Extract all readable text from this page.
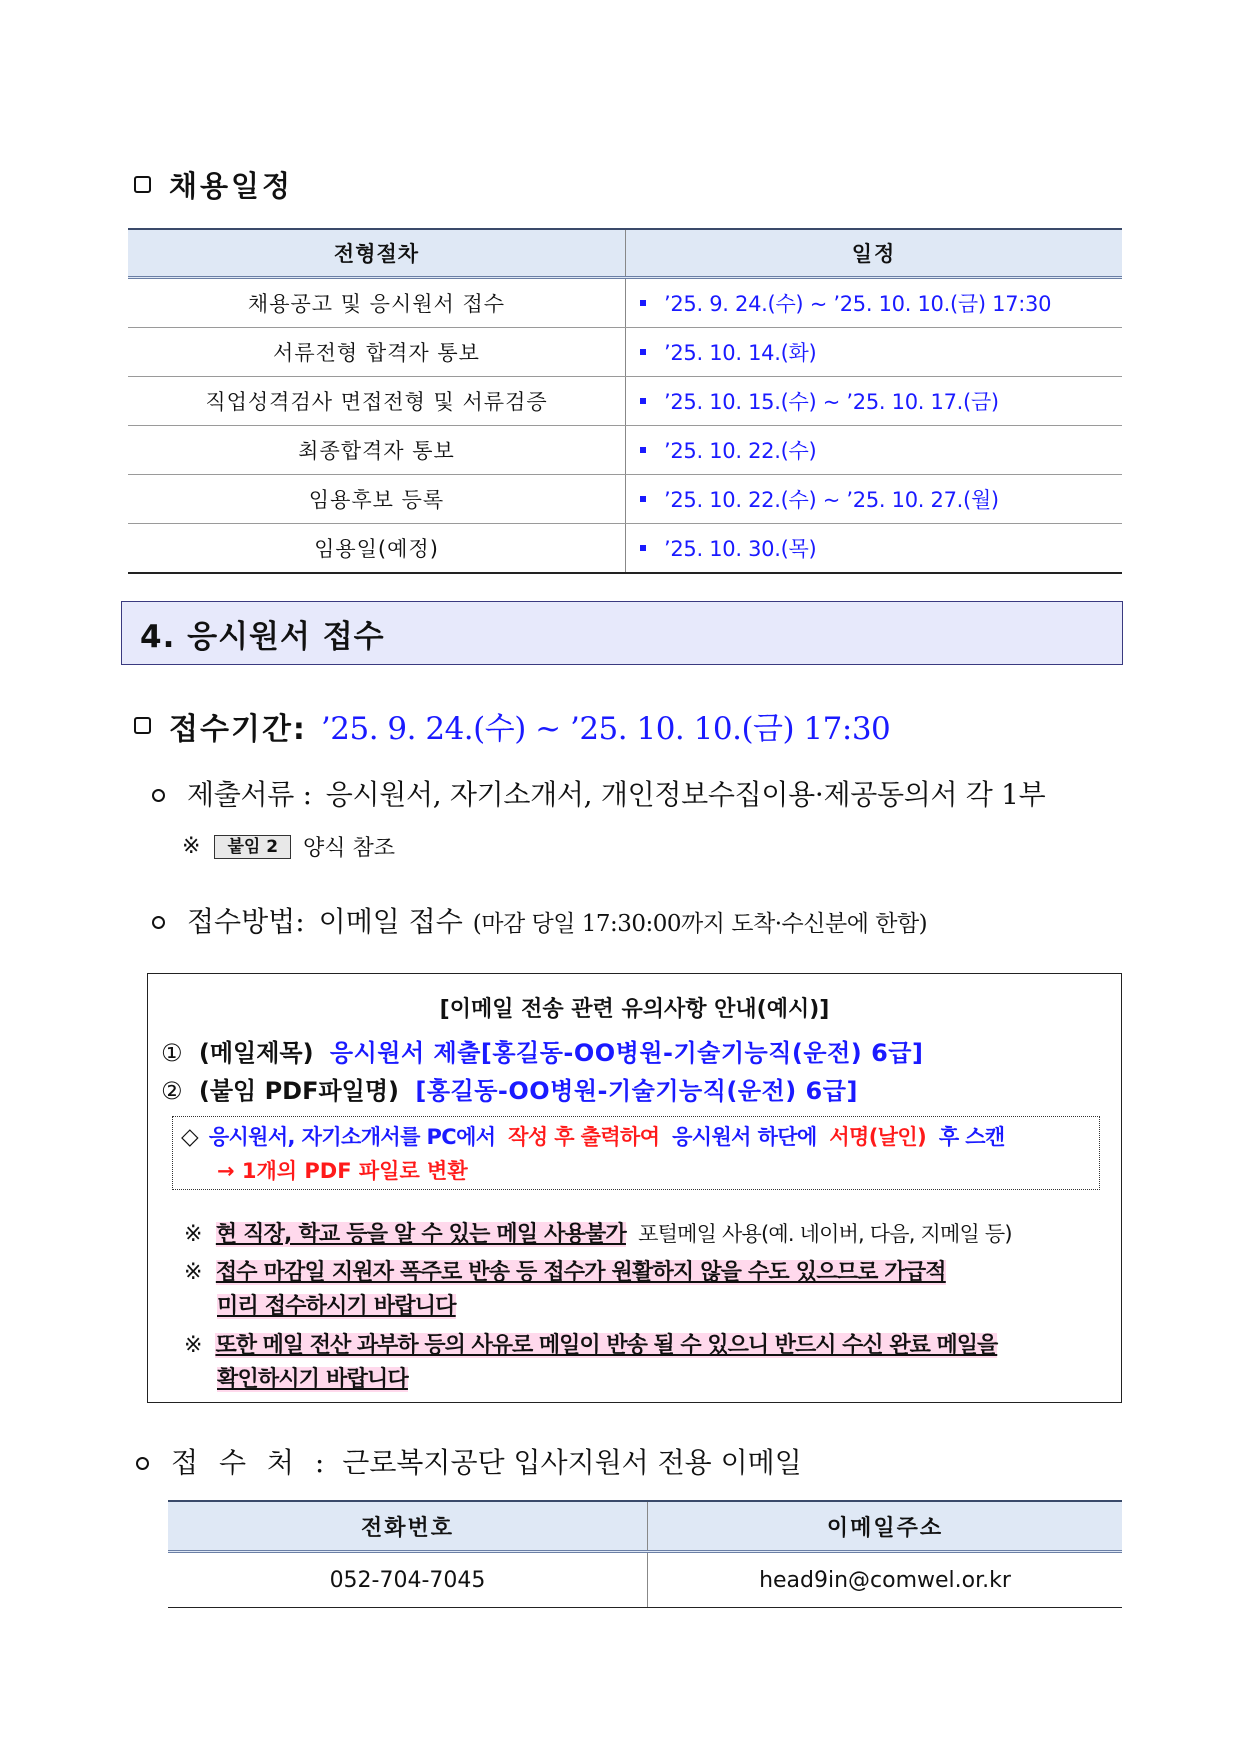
채용일정
전형절차	일정
채용공고 및 응시원서 접수	’25. 9. 24.(수) ~ ’25. 10. 10.(금) 17:30
서류전형 합격자 통보	’25. 10. 14.(화)
직업성격검사 면접전형 및 서류검증	’25. 10. 15.(수) ~ ’25. 10. 17.(금)
최종합격자 통보	’25. 10. 22.(수)
임용후보 등록	’25. 10. 22.(수) ~ ’25. 10. 27.(월)
임용일(예정)	’25. 10. 30.(목)
4. 응시원서 접수
접수기간: ’25. 9. 24.(수) ~ ’25. 10. 10.(금) 17:30
제출서류 : 응시원서, 자기소개서, 개인정보수집이용·제공동의서 각 1부
※	붙임 2	양식 참조
접수방법: 이메일 접수 (마감 당일 17:30:00까지 도착·수신분에 한함)
[이메일 전송 관련 유의사항 안내(예시)]
① (메일제목) 응시원서 제출[홍길동-OO병원-기술기능직(운전) 6급]
② (붙임 PDF파일명) [홍길동-OO병원-기술기능직(운전) 6급]
◇ 응시원서, 자기소개서를 PC에서 작성 후 출력하여 응시원서 하단에 서명(날인) 후 스캔
→ 1개의 PDF 파일로 변환
※ 현 직장, 학교 등을 알 수 있는 메일 사용불가 포털메일 사용(예. 네이버, 다음, 지메일 등)
※ 접수 마감일 지원자 폭주로 반송 등 접수가 원활하지 않을 수도 있으므로 가급적
미리 접수하시기 바랍니다
※ 또한 메일 전산 과부하 등의 사유로 메일이 반송 될 수 있으니 반드시 수신 완료 메일을
확인하시기 바랍니다
접 수 처 : 근로복지공단 입사지원서 전용 이메일
전화번호	이메일주소
052-704-7045	head9in@comwel.or.kr
